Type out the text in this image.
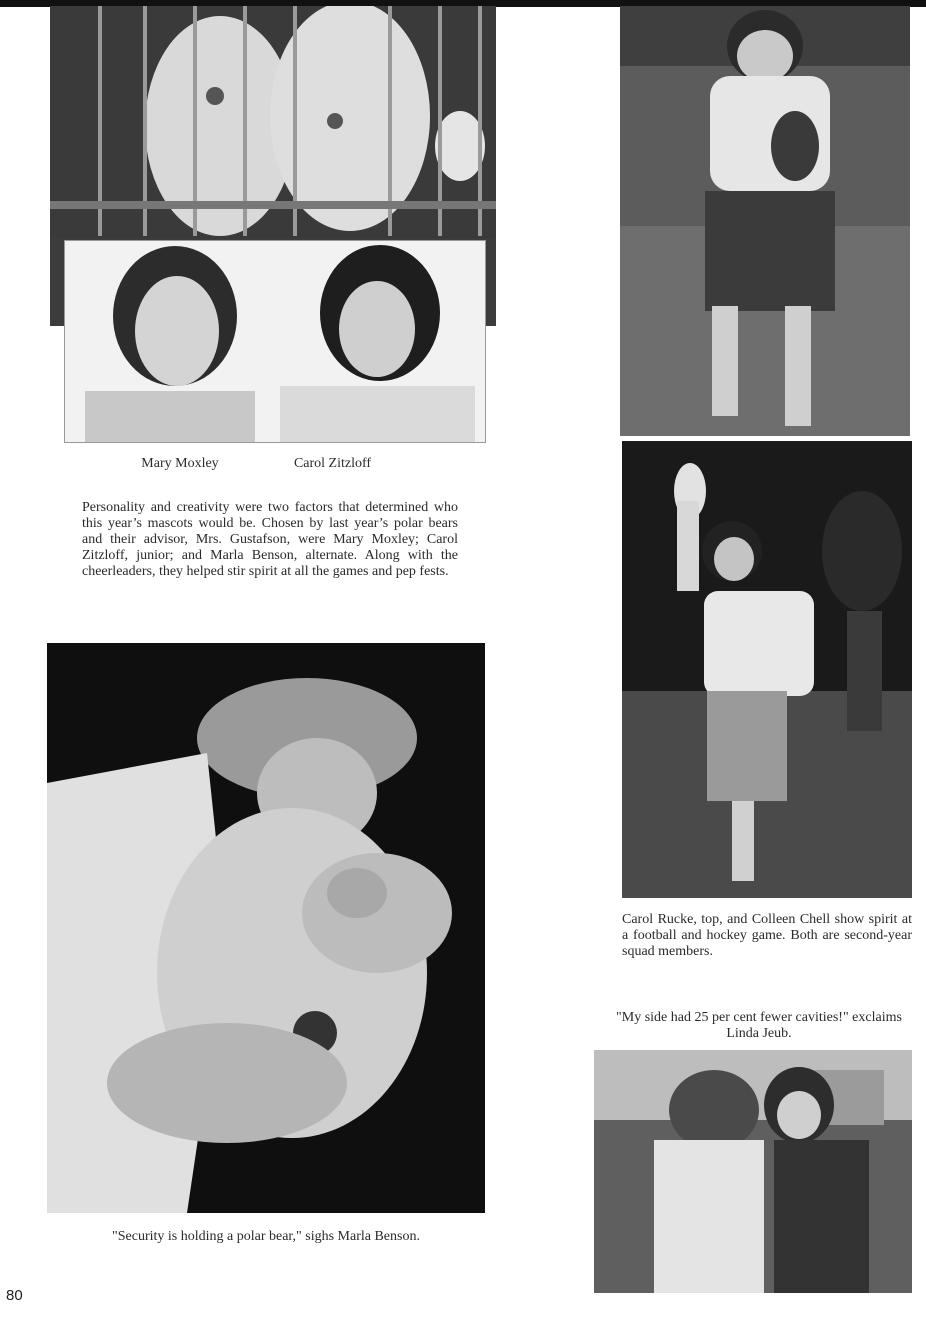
Mary Moxley	Carol Zitzloff
Personality and creativity were two factors that determined who this year’s mascots would be. Chosen by last year’s polar bears and their advisor, Mrs. Gustafson, were Mary Moxley; Carol Zitzloff, junior; and Marla Benson, alternate. Along with the cheerleaders, they helped stir spirit at all the games and pep fests.
"Security is holding a polar bear," sighs Marla Benson.
Carol Rucke, top, and Colleen Chell show spirit at a football and hockey game. Both are second-year squad members.
"My side had 25 per cent fewer cavities!" exclaims Linda Jeub.
80
